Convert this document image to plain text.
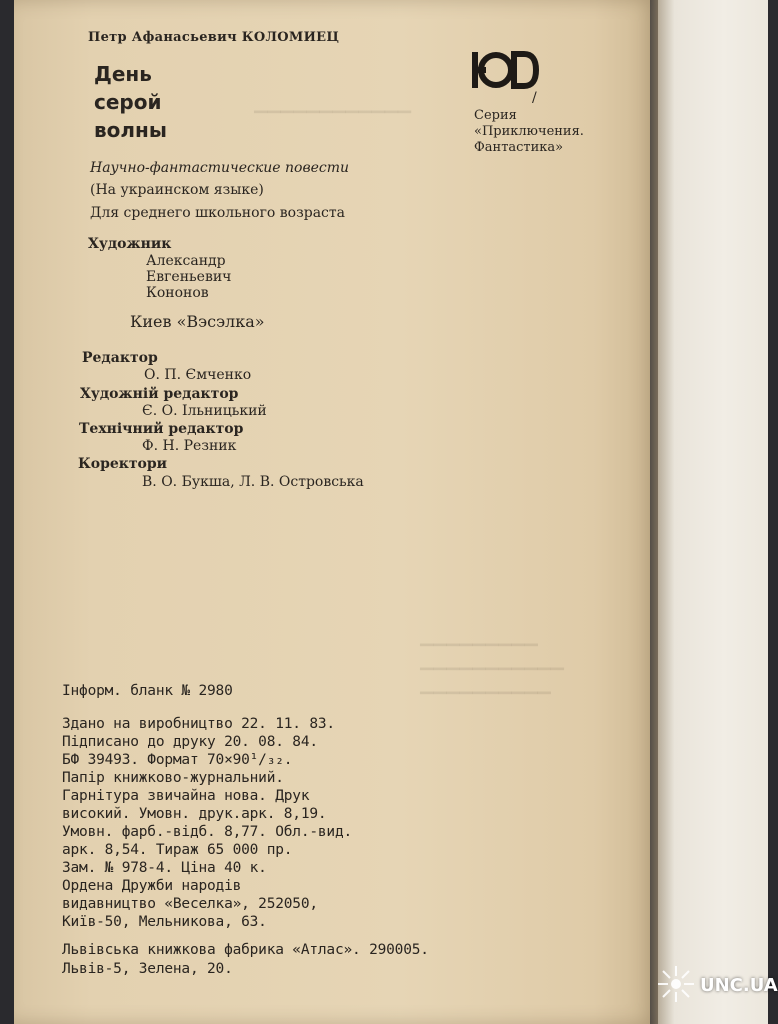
▁▁▁▁▁▁▁▁▁▁▁▁
Петр Афанасьевич КОЛОМИЕЦ
День
серой
волны
/
Серия
«Приключения.
Фантастика»
Научно-фантастические повести
(На украинском языке)
Для среднего школьного возраста
Художник
Александр
Евгеньевич
Кононов
Киев «Вэсэлка»
Редактор
О. П. Ємченко
Художній редактор
Є. О. Ільницький
Технічний редактор
Ф. Н. Резник
Коректори
В. О. Букша, Л. В. Островська
▁▁▁▁▁▁▁▁▁
▁▁▁▁▁▁▁▁▁▁▁
▁▁▁▁▁▁▁▁▁▁
Інформ. бланк № 2980
Здано на виробництво 22. 11. 83.
Підписано до друку 20. 08. 84.
БФ 39493. Формат 70×90¹/₃₂.
Папір книжково-журнальний.
Гарнітура звичайна нова. Друк
високий. Умовн. друк.арк. 8,19.
Умовн. фарб.-відб. 8,77. Обл.-вид.
арк. 8,54. Тираж 65 000 пр.
Зам. № 978-4. Ціна 40 к.
Ордена Дружби народів
видавництво «Веселка», 252050,
Київ-50, Мельникова, 63.
Львівська книжкова фабрика «Атлас». 290005.
Львів-5, Зелена, 20.
UNC.UA
